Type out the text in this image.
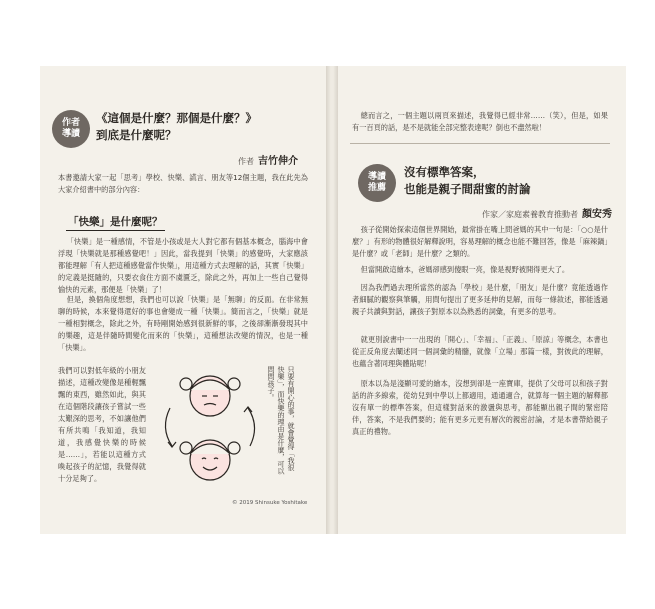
作者
導讀
《這個是什麼？那個是什麼？》
到底是什麼呢？
作者 吉竹伸介
本書邀請大家一起「思考」學校、快樂、謊言、朋友等12個主題，我在此先為大家介紹書中的部分內容：
「快樂」是什麼呢？
「快樂」是一種感情，不管是小孩或是大人對它都有個基本概念，腦海中會浮現「快樂就是那種感覺吧！」因此，當我提到「快樂」的感覺時，大家應該都能理解「有人把這種感覺當作快樂」，用這種方式去理解的話，其實「快樂」的定義是挺隨的，只要衣食住方面不虞匱乏，除此之外，再加上一些自己覺得愉快的元素，那便是「快樂」了！
但是，換個角度想想，我們也可以說「快樂」是「無聊」的反面。在非常無聊的時候，本來覺得還好的事也會變成一種「快樂」。簡而言之，「快樂」就是一種相對概念，除此之外，有時剛開始感到很新鮮的事，之後卻漸漸發現其中的樂趣，這是伴隨時間變化而來的「快樂」，這種想法改變的情況，也是一種「快樂」。
我們可以對低年級的小朋友描述，這種改變像是種輕飄飄的東西，雖然如此，與其在這個階段讓孩子嘗試一些太艱深的思考，不如讓他們有所共鳴「我知道，我知道，我感覺快樂的時候是……」，若能以這種方式喚起孩子的記憶，我覺得就十分足夠了。
只要有開心的事，就會覺得「我很快樂」，而快樂的理由是什麼，可以問問孩子。
© 2019 Shinsuke Yoshitake
總而言之，一個主題以兩頁來描述，我覺得已經非常……（笑），但是，如果有一百頁的話，是不是就能全部完整表達呢？倒也不盡然啦！
導讀
推薦
沒有標準答案，
也能是親子間甜蜜的討論
作家／家庭素養教育推動者 顏安秀
孩子從開始探索這個世界開始，最常掛在嘴上問爸媽的其中一句是：「○○是什麼？」有形的物體很好解釋說明，容易理解的概念也能不難回答，像是「麻辣鍋」是什麼？或「老師」是什麼？之類的。
但當開啟這繪本，爸媽卻感到傻眼一亮，像是視野被開得更大了。
因為我們過去理所當然的認為「學校」是什麼，「朋友」是什麼？竟能透過作者細膩的觀察與筆觸，用問句提出了更多延伸的見解，而每一條敘述，都能透過親子共讀與對話，讓孩子對原本以為熟悉的詞彙，有更多的思考。
就更別說書中一一出現的「開心」、「幸福」、「正義」、「原諒」等概念，本書也從正反角度去闡述同一個詞彙的精髓，就像「立場」那篇一樣，對彼此的理解，也蘊含著同理與體貼呢！
原本以為是淺顯可愛的繪本，沒想到卻是一座寶庫，提供了父母可以和孩子對話的許多線索，從幼兒到中學以上都適用，通通適合，就算每一個主題的解釋都沒有單一的標準答案，但這樣對話來的激盪與思考，都能顯出親子間的緊密陪伴，答案，不是我們要的；能有更多元更有層次的親密討論，才是本書帶給親子真正的禮物。
